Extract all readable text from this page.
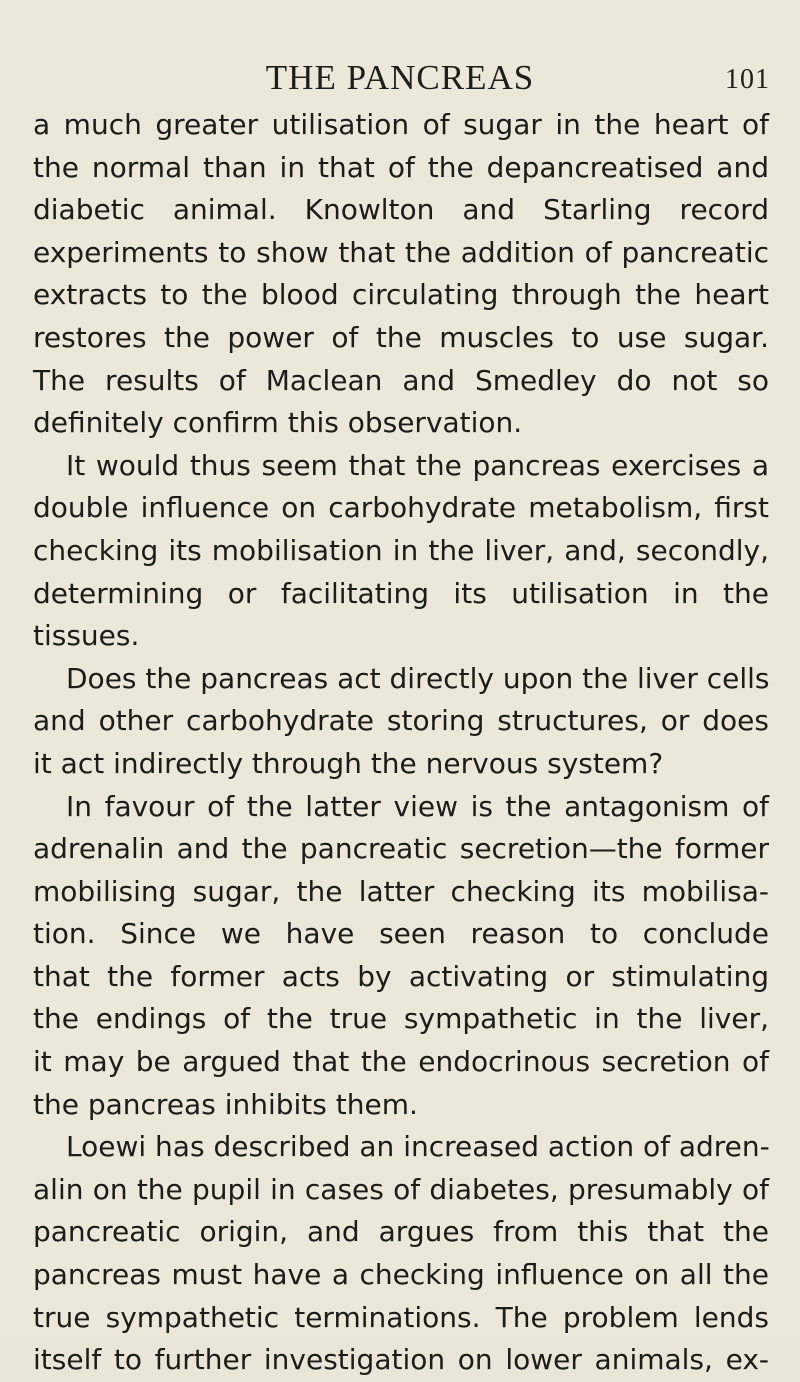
THE PANCREAS	101
a much greater utilisation of sugar in the heart of
the normal than in that of the depancreatised and
diabetic animal. Knowlton and Starling record
experiments to show that the addition of pancreatic
extracts to the blood circulating through the heart
restores the power of the muscles to use sugar.
The results of Maclean and Smedley do not so
definitely confirm this observation.
It would thus seem that the pancreas exercises a
double influence on carbohydrate metabolism, first
checking its mobilisation in the liver, and, secondly,
determining or facilitating its utilisation in the
tissues.
Does the pancreas act directly upon the liver cells
and other carbohydrate storing structures, or does
it act indirectly through the nervous system?
In favour of the latter view is the antagonism of
adrenalin and the pancreatic secretion—the former
mobilising sugar, the latter checking its mobilisa-
tion. Since we have seen reason to conclude
that the former acts by activating or stimulating
the endings of the true sympathetic in the liver,
it may be argued that the endocrinous secretion of
the pancreas inhibits them.
Loewi has described an increased action of adren-
alin on the pupil in cases of diabetes, presumably of
pancreatic origin, and argues from this that the
pancreas must have a checking influence on all the
true sympathetic terminations. The problem lends
itself to further investigation on lower animals, ex-
